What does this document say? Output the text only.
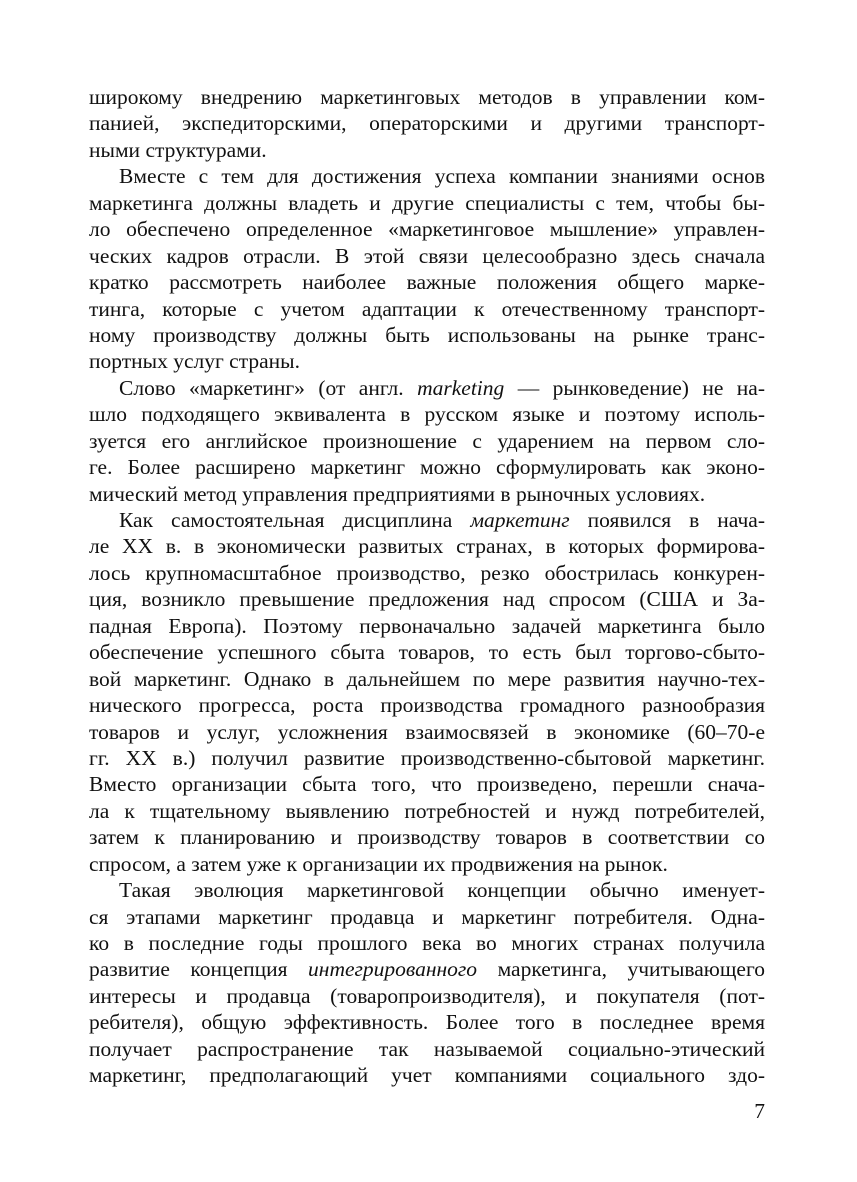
широкому внедрению маркетинговых методов в управлении ком-
панией, экспедиторскими, операторскими и другими транспорт-
ными структурами.
Вместе с тем для достижения успеха компании знаниями основ
маркетинга должны владеть и другие специалисты с тем, чтобы бы-
ло обеспечено определенное «маркетинговое мышление» управлен-
ческих кадров отрасли. В этой связи целесообразно здесь сначала
кратко рассмотреть наиболее важные положения общего марке-
тинга, которые с учетом адаптации к отечественному транспорт-
ному производству должны быть использованы на рынке транс-
портных услуг страны.
Слово «маркетинг» (от англ. marketing — рынковедение) не на-
шло подходящего эквивалента в русском языке и поэтому исполь-
зуется его английское произношение с ударением на первом сло-
ге. Более расширено маркетинг можно сформулировать как эконо-
мический метод управления предприятиями в рыночных условиях.
Как самостоятельная дисциплина маркетинг появился в нача-
ле XX в. в экономически развитых странах, в которых формирова-
лось крупномасштабное производство, резко обострилась конкурен-
ция, возникло превышение предложения над спросом (США и За-
падная Европа). Поэтому первоначально задачей маркетинга было
обеспечение успешного сбыта товаров, то есть был торгово-сбыто-
вой маркетинг. Однако в дальнейшем по мере развития научно-тех-
нического прогресса, роста производства громадного разнообразия
товаров и услуг, усложнения взаимосвязей в экономике (60–70-е
гг. XX в.) получил развитие производственно-сбытовой маркетинг.
Вместо организации сбыта того, что произведено, перешли снача-
ла к тщательному выявлению потребностей и нужд потребителей,
затем к планированию и производству товаров в соответствии со
спросом, а затем уже к организации их продвижения на рынок.
Такая эволюция маркетинговой концепции обычно именует-
ся этапами маркетинг продавца и маркетинг потребителя. Одна-
ко в последние годы прошлого века во многих странах получила
развитие концепция интегрированного маркетинга, учитывающего
интересы и продавца (товаропроизводителя), и покупателя (пот-
ребителя), общую эффективность. Более того в последнее время
получает распространение так называемой социально-этический
маркетинг, предполагающий учет компаниями социального здо-
7
